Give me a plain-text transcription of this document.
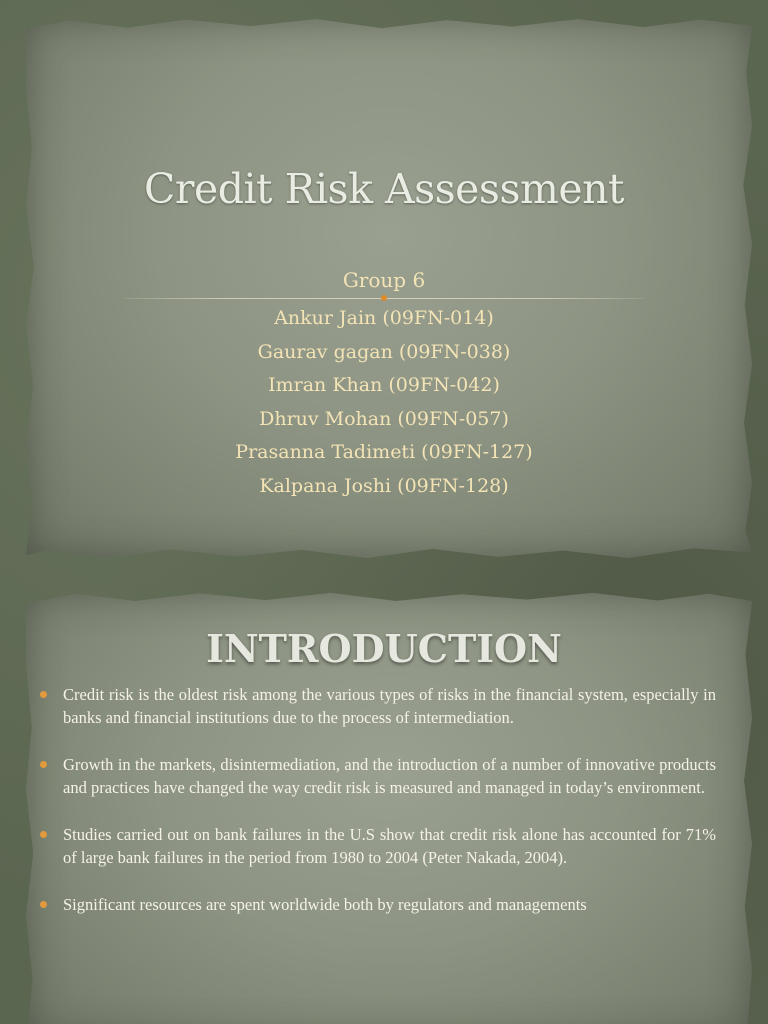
Credit Risk Assessment
Group 6
Ankur Jain (09FN-014)
Gaurav gagan (09FN-038)
Imran Khan (09FN-042)
Dhruv Mohan (09FN-057)
Prasanna Tadimeti (09FN-127)
Kalpana Joshi (09FN-128)
INTRODUCTION
Credit risk is the oldest risk among the various types of risks in the financial system, especially in banks and financial institutions due to the process of intermediation.
Growth in the markets, disintermediation, and the introduction of a number of innovative products and practices have changed the way credit risk is measured and managed in today’s environment.
Studies carried out on bank failures in the U.S show that credit risk alone has accounted for 71% of large bank failures in the period from 1980 to 2004 (Peter Nakada, 2004).
Significant resources are spent worldwide both by regulators and managements
